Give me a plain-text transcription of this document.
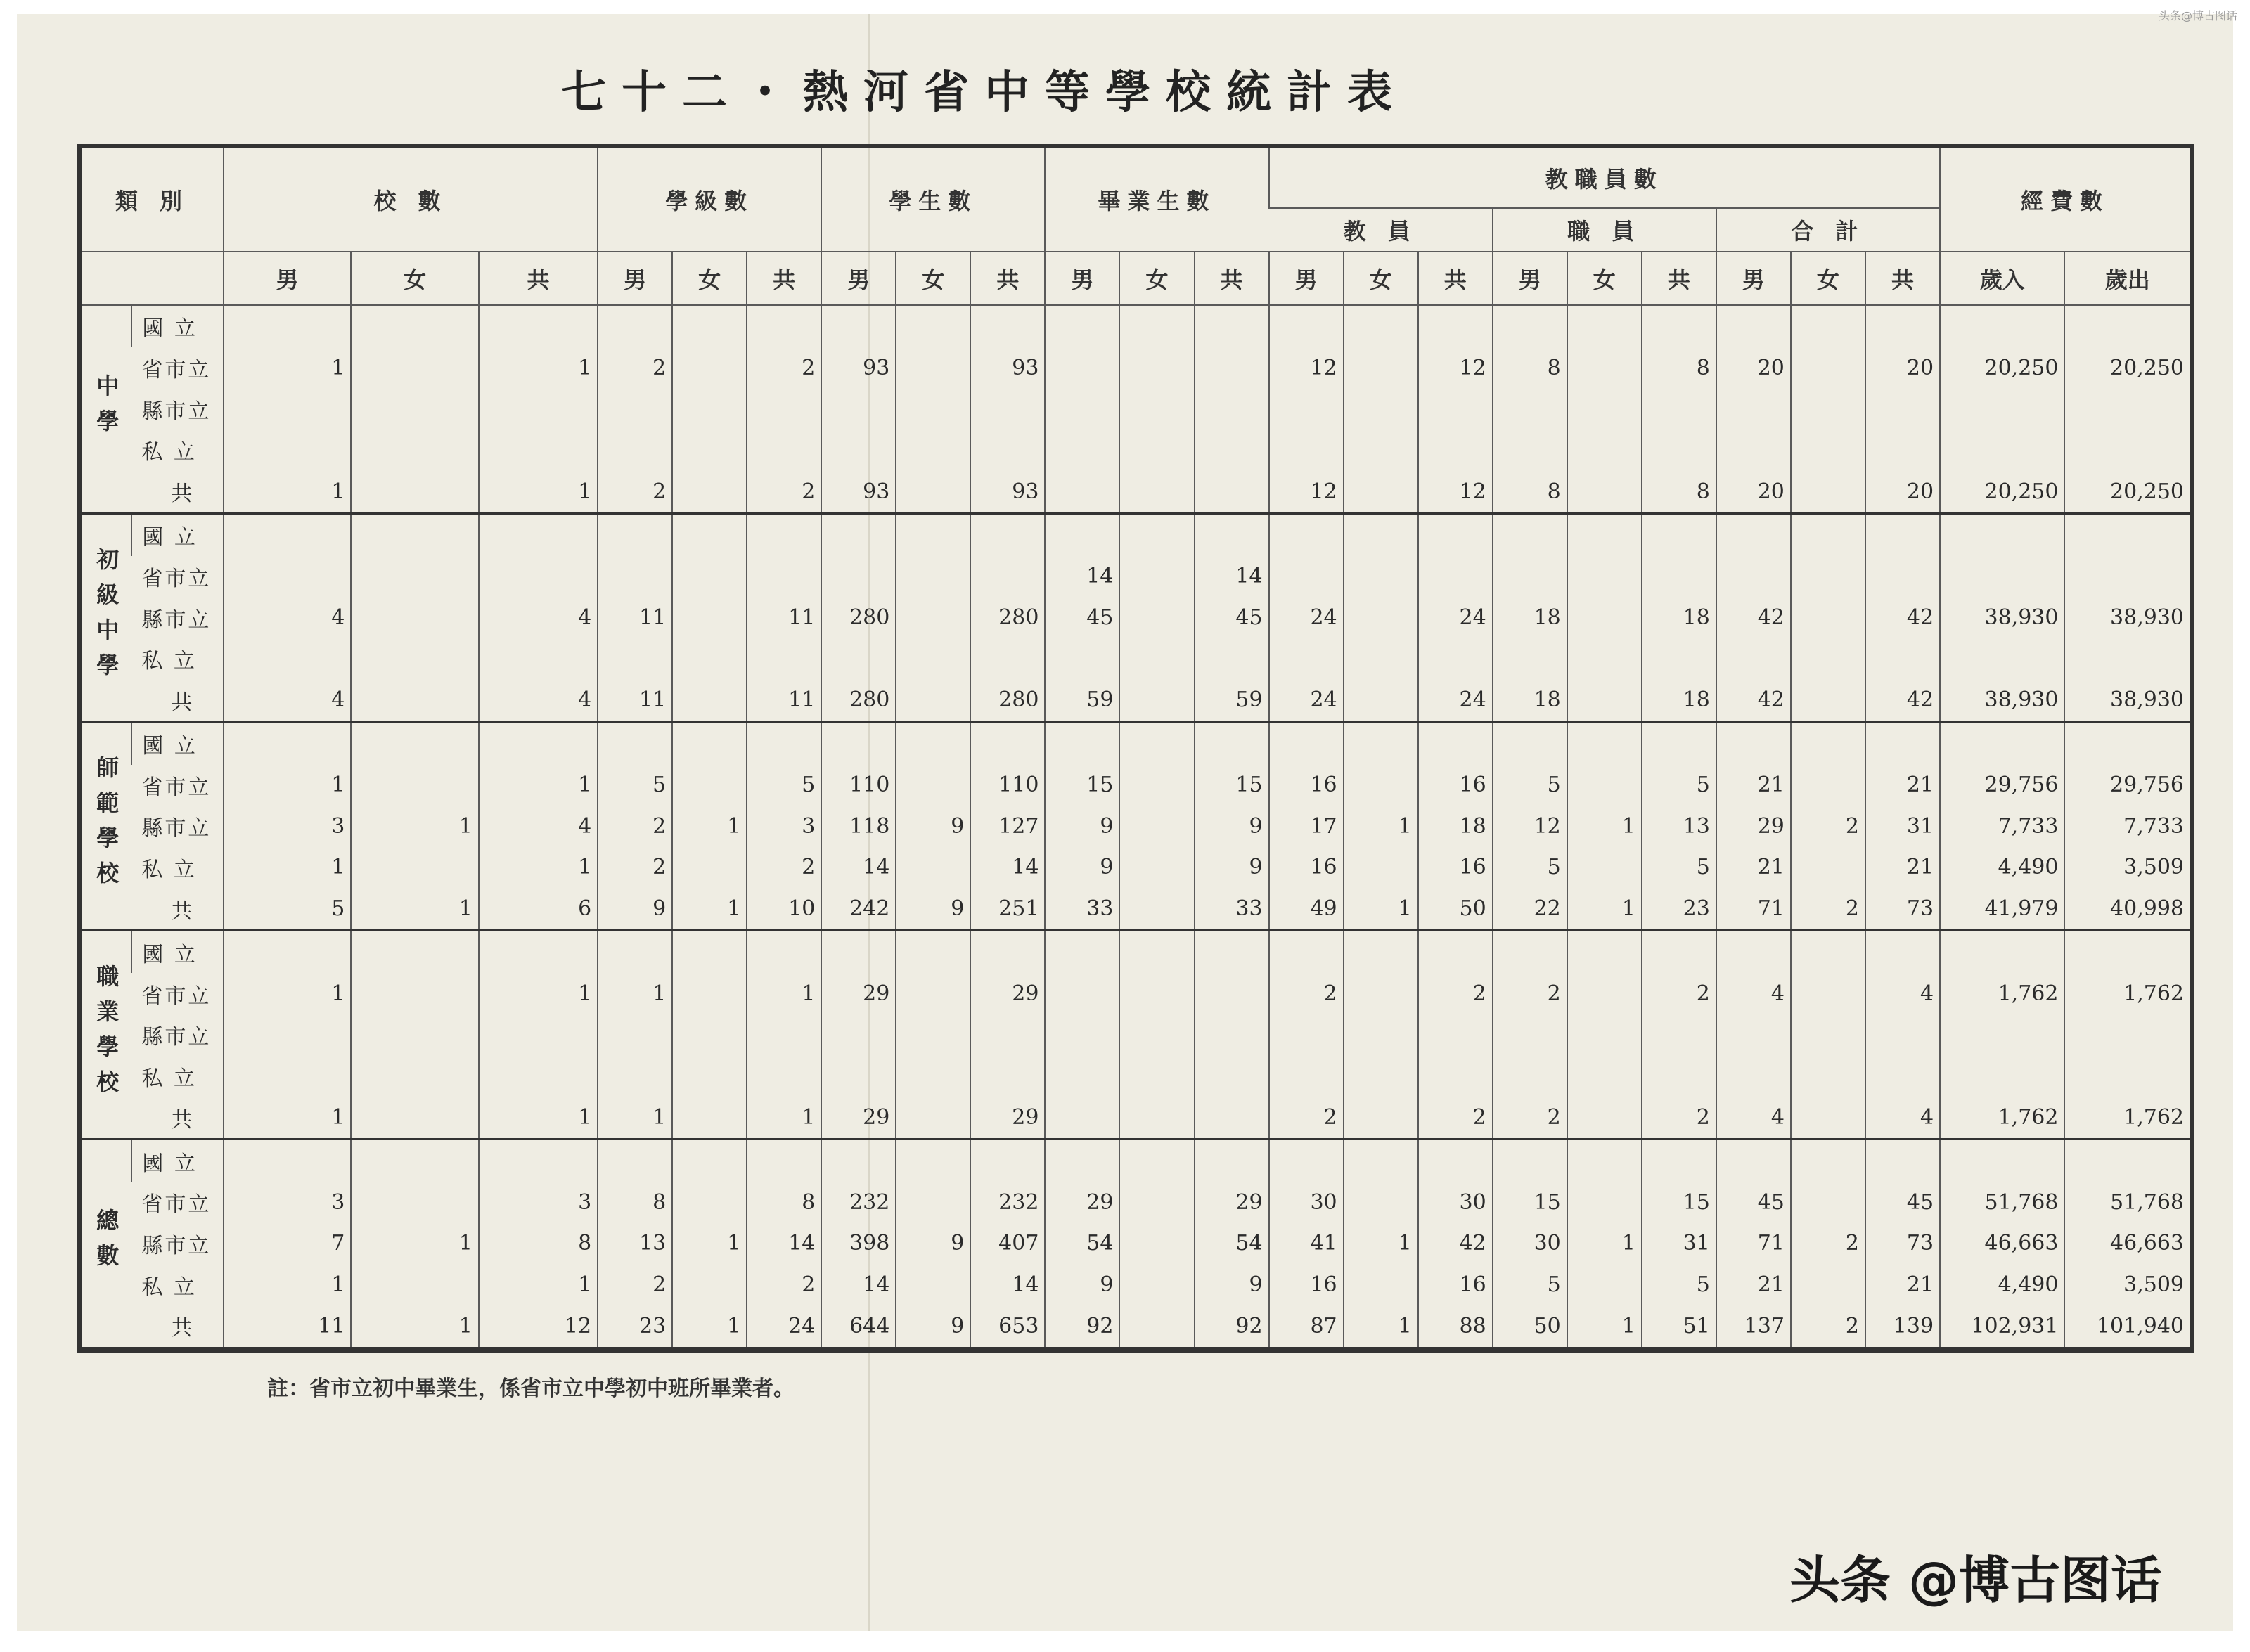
头条@博古图话
七十二・熱河省中等學校統計表
類 別		校 數			學級數			學生數			畢業生數			教職員數									經費數	
														教 員			職 員			合 計				
		男	女	共	男	女	共	男	女	共	男	女	共	男	女	共	男	女	共	男	女	共	歲入	歲出
中學	國 立																							
	省市立	1		1	2		2	93		93				12		12	8		8	20		20	20,250	20,250
	縣市立																							
	私 立																							
	共	1		1	2		2	93		93				12		12	8		8	20		20	20,250	20,250
初級中學	國 立																							
	省市立										14		14											
	縣市立	4		4	11		11	280		280	45		45	24		24	18		18	42		42	38,930	38,930
	私 立																							
	共	4		4	11		11	280		280	59		59	24		24	18		18	42		42	38,930	38,930
師範學校	國 立																							
	省市立	1		1	5		5	110		110	15		15	16		16	5		5	21		21	29,756	29,756
	縣市立	3	1	4	2	1	3	118	9	127	9		9	17	1	18	12	1	13	29	2	31	7,733	7,733
	私 立	1		1	2		2	14		14	9		9	16		16	5		5	21		21	4,490	3,509
	共	5	1	6	9	1	10	242	9	251	33		33	49	1	50	22	1	23	71	2	73	41,979	40,998
職業學校	國 立																							
	省市立	1		1	1		1	29		29				2		2	2		2	4		4	1,762	1,762
	縣市立																							
	私 立																							
	共	1		1	1		1	29		29				2		2	2		2	4		4	1,762	1,762
總數	國 立																							
	省市立	3		3	8		8	232		232	29		29	30		30	15		15	45		45	51,768	51,768
	縣市立	7	1	8	13	1	14	398	9	407	54		54	41	1	42	30	1	31	71	2	73	46,663	46,663
	私 立	1		1	2		2	14		14	9		9	16		16	5		5	21		21	4,490	3,509
	共	11	1	12	23	1	24	644	9	653	92		92	87	1	88	50	1	51	137	2	139	102,931	101,940
註：省市立初中畢業生，係省市立中學初中班所畢業者。
头条 @博古图话
